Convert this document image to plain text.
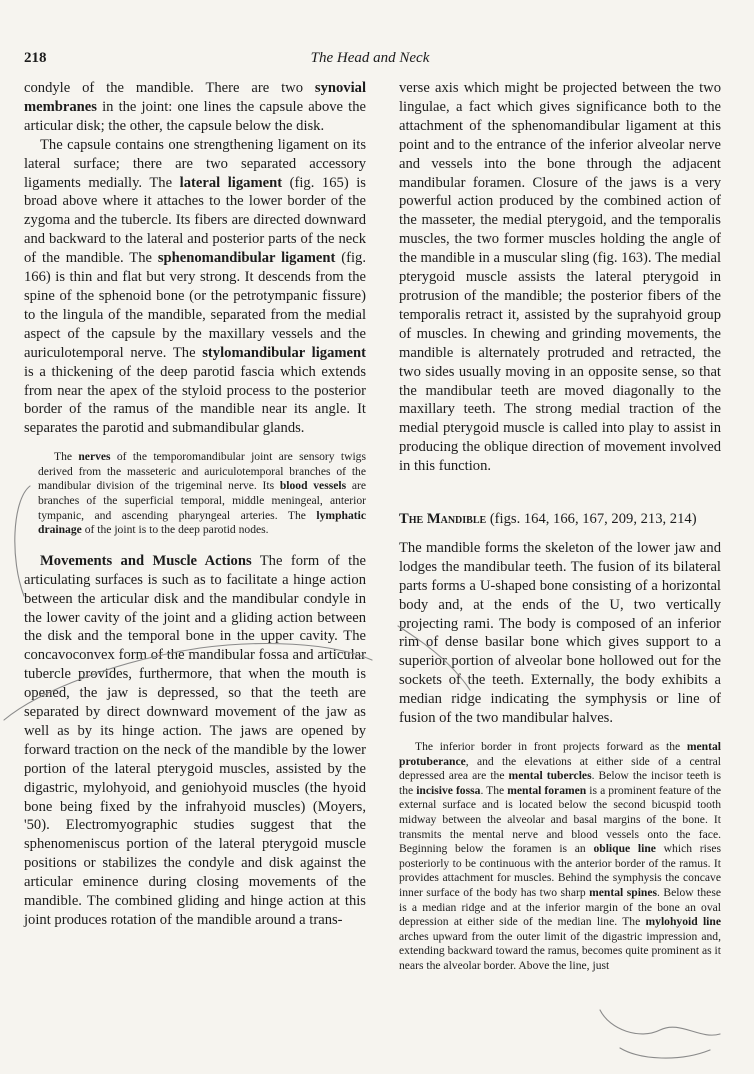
218	The Head and Neck

condyle of the mandible. There are two synovial membranes in the joint: one lines the capsule above the articular disk; the other, the capsule below the disk.

The capsule contains one strengthening ligament on its lateral surface; there are two separated accessory ligaments medially. The lateral ligament (fig. 165) is broad above where it attaches to the lower border of the zygoma and the tubercle. Its fibers are directed downward and backward to the lateral and posterior parts of the neck of the mandible. The sphenomandibular ligament (fig. 166) is thin and flat but very strong. It descends from the spine of the sphenoid bone (or the petrotympanic fissure) to the lingula of the mandible, separated from the medial aspect of the capsule by the maxillary vessels and the auriculotemporal nerve. The stylomandibular ligament is a thickening of the deep parotid fascia which extends from near the apex of the styloid process to the posterior border of the ramus of the mandible near its angle. It separates the parotid and submandibular glands.

The nerves of the temporomandibular joint are sensory twigs derived from the masseteric and auriculotemporal branches of the mandibular division of the trigeminal nerve. Its blood vessels are branches of the superficial temporal, middle meningeal, anterior tympanic, and ascending pharyngeal arteries. The lymphatic drainage of the joint is to the deep parotid nodes.

Movements and Muscle Actions The form of the articulating surfaces is such as to facilitate a hinge action between the articular disk and the mandibular condyle in the lower cavity of the joint and a gliding action between the disk and the temporal bone in the upper cavity. The concavoconvex form of the mandibular fossa and articular tubercle provides, furthermore, that when the mouth is opened, the jaw is depressed, so that the teeth are separated by direct downward movement of the jaw as well as by its hinge action. The jaws are opened by forward traction on the neck of the mandible by the lower portion of the lateral pterygoid muscles, assisted by the digastric, mylohyoid, and geniohyoid muscles (the hyoid bone being fixed by the infrahyoid muscles) (Moyers, '50). Electromyographic studies suggest that the sphenomeniscus portion of the lateral pterygoid muscle positions or stabilizes the condyle and disk against the articular eminence during closing movements of the mandible. The combined gliding and hinge action at this joint produces rotation of the mandible around a trans-

verse axis which might be projected between the two lingulae, a fact which gives significance both to the attachment of the sphenomandibular ligament at this point and to the entrance of the inferior alveolar nerve and vessels into the bone through the adjacent mandibular foramen. Closure of the jaws is a very powerful action produced by the combined action of the masseter, the medial pterygoid, and the temporalis muscles, the two former muscles holding the angle of the mandible in a muscular sling (fig. 163). The medial pterygoid muscle assists the lateral pterygoid in protrusion of the mandible; the posterior fibers of the temporalis retract it, assisted by the suprahyoid group of muscles. In chewing and grinding movements, the mandible is alternately protruded and retracted, the two sides usually moving in an opposite sense, so that the mandibular teeth are moved diagonally to the maxillary teeth. The strong medial traction of the medial pterygoid muscle is called into play to assist in producing the oblique direction of movement involved in this function.

The Mandible (figs. 164, 166, 167, 209, 213, 214)

The mandible forms the skeleton of the lower jaw and lodges the mandibular teeth. The fusion of its bilateral parts forms a U-shaped bone consisting of a horizontal body and, at the ends of the U, two vertically projecting rami. The body is composed of an inferior rim of dense basilar bone which gives support to a superior portion of alveolar bone hollowed out for the sockets of the teeth. Externally, the body exhibits a median ridge indicating the symphysis or line of fusion of the two mandibular halves.

The inferior border in front projects forward as the mental protuberance, and the elevations at either side of a central depressed area are the mental tubercles. Below the incisor teeth is the incisive fossa. The mental foramen is a prominent feature of the external surface and is located below the second bicuspid tooth midway between the alveolar and basal margins of the bone. It transmits the mental nerve and blood vessels onto the face. Beginning below the foramen is an oblique line which rises posteriorly to be continuous with the anterior border of the ramus. It provides attachment for muscles. Behind the symphysis the concave inner surface of the body has two sharp mental spines. Below these is a median ridge and at the inferior margin of the bone an oval depression at either side of the median line. The mylohyoid line arches upward from the outer limit of the digastric impression and, extending backward toward the ramus, becomes quite prominent as it nears the alveolar border. Above the line, just
